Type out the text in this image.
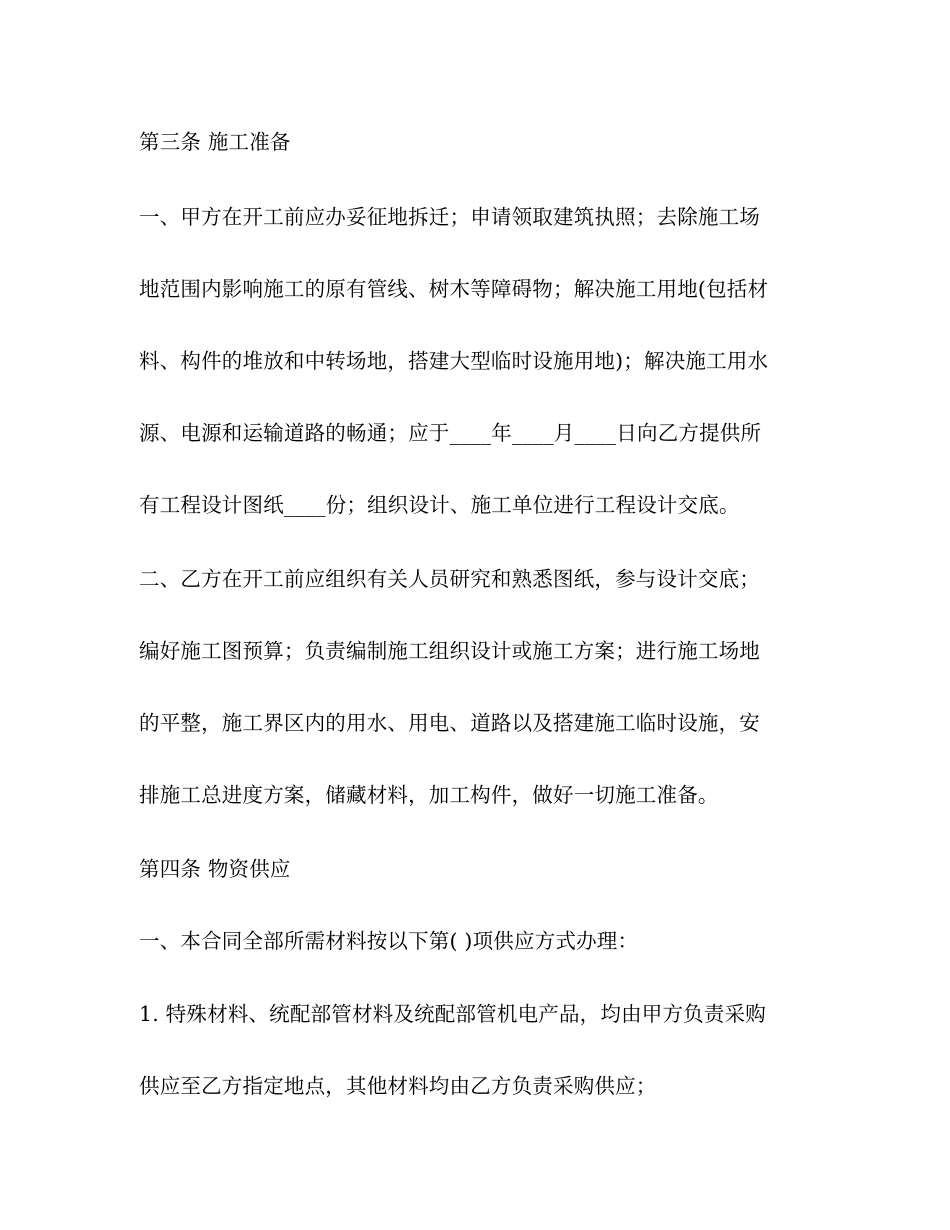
第三条 施工准备
一、甲方在开工前应办妥征地拆迁；申请领取建筑执照；去除施工场
地范围内影响施工的原有管线、树木等障碍物；解决施工用地(包括材
料、构件的堆放和中转场地，搭建大型临时设施用地)；解决施工用水
源、电源和运输道路的畅通；应于____年____月____日向乙方提供所
有工程设计图纸____份；组织设计、施工单位进行工程设计交底。
二、乙方在开工前应组织有关人员研究和熟悉图纸，参与设计交底；
编好施工图预算；负责编制施工组织设计或施工方案；进行施工场地
的平整，施工界区内的用水、用电、道路以及搭建施工临时设施，安
排施工总进度方案，储藏材料，加工构件，做好一切施工准备。
第四条 物资供应
一、本合同全部所需材料按以下第( )项供应方式办理：
1. 特殊材料、统配部管材料及统配部管机电产品，均由甲方负责采购
供应至乙方指定地点，其他材料均由乙方负责采购供应；
